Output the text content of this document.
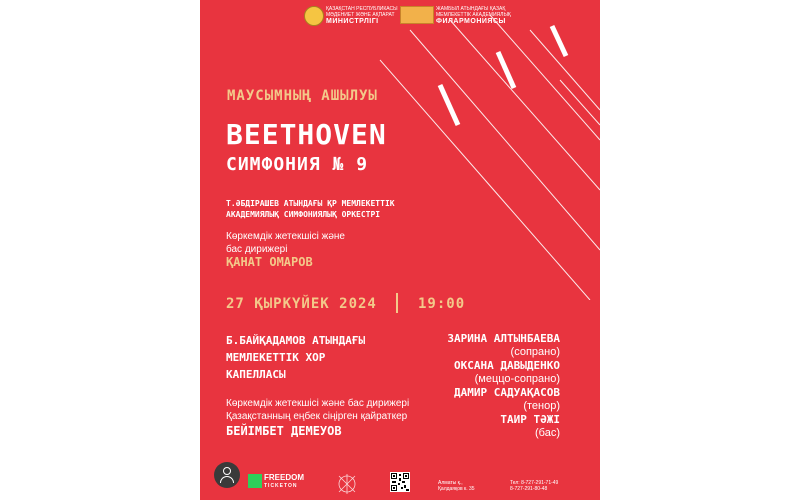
ҚАЗАҚСТАН РЕСПУБЛИКАСЫ
МӘДЕНИЕТ ЖӘНЕ АҚПАРАТ
МИНИСТРЛІГІ
ЖАМБЫЛ АТЫНДАҒЫ ҚАЗАҚ
МЕМЛЕКЕТТІК АКАДЕМИЯЛЫҚ
ФИЛАРМОНИЯСЫ
МАУСЫМНЫҢ АШЫЛУЫ
BEETHOVEN
СИМФОНИЯ № 9
Т.ӘБДІРАШЕВ АТЫНДАҒЫ ҚР МЕМЛЕКЕТТІК
АКАДЕМИЯЛЫҚ СИМФОНИЯЛЫҚ ОРКЕСТРІ
Көркемдік жетекшісі және
бас дирижері
ҚАНАТ ОМАРОВ
27 ҚЫРКҮЙЕК 2024	19:00
Б.БАЙҚАДАМОВ АТЫНДАҒЫ
МЕМЛЕКЕТТІК ХОР
КАПЕЛЛАСЫ
Көркемдік жетекшісі және бас дирижері
Қазақстанның еңбек сіңірген қайраткер
БЕЙІМБЕТ ДЕМЕУОВ
ЗАРИНА АЛТЫНБАЕВА
(сопрано)
ОКСАНА ДАВЫДЕНКО
(меццо-сопрано)
ДАМИР САДУАҚАСОВ
(тенор)
ТАИР ТӘЖІ
(бас)
FREEDOM
TICKETON	Алматы қ.,
Қалдаяқов к. 35
Тел: 8-727-291-71-49
8-727-291-80-48
